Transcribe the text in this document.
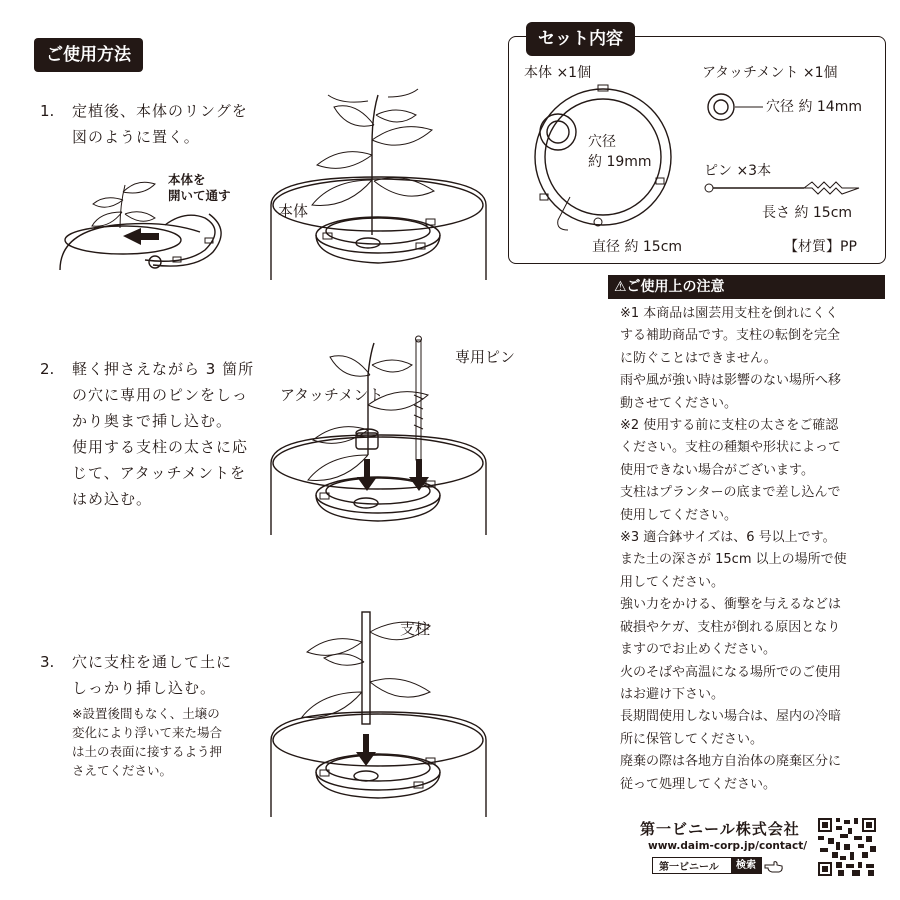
ご使用方法
1. 定植後、本体のリングを
図のように置く。
本体を
開いて通す
本体
2. 軽く押さえながら 3 箇所
の穴に専用のピンをしっ
かり奥まで挿し込む。
使用する支柱の太さに応
じて、アタッチメントを
はめ込む。
専用ピン
アタッチメント
3. 穴に支柱を通して土に
しっかり挿し込む。
※設置後間もなく、土壌の
変化により浮いて来た場合
は土の表面に接するよう押
さえてください。
支柱
セット内容
本体 ×1個
穴径
約 19mm
直径 約 15cm
アタッチメント ×1個
穴径 約 14mm
ピン ×3本
長さ 約 15cm
【材質】PP
⚠ご使用上の注意

※1 本商品は園芸用支柱を倒れにくく

する補助商品です。支柱の転倒を完全

に防ぐことはできません。

雨や風が強い時は影響のない場所へ移

動させてください。

※2 使用する前に支柱の太さをご確認

ください。支柱の種類や形状によって

使用できない場合がございます。

支柱はプランターの底まで差し込んで

使用してください。

※3 適合鉢サイズは、6 号以上です。

また土の深さが 15cm 以上の場所で使

用してください。

強い力をかける、衝撃を与えるなどは

破損やケガ、支柱が倒れる原因となり

ますのでお止めください。

火のそばや高温になる場所でのご使用

はお避け下さい。

長期間使用しない場合は、屋内の冷暗

所に保管してください。

廃棄の際は各地方自治体の廃棄区分に

従って処理してください。

第一ビニール株式会社
www.daim-corp.jp/contact/
第一ビニール	検索
